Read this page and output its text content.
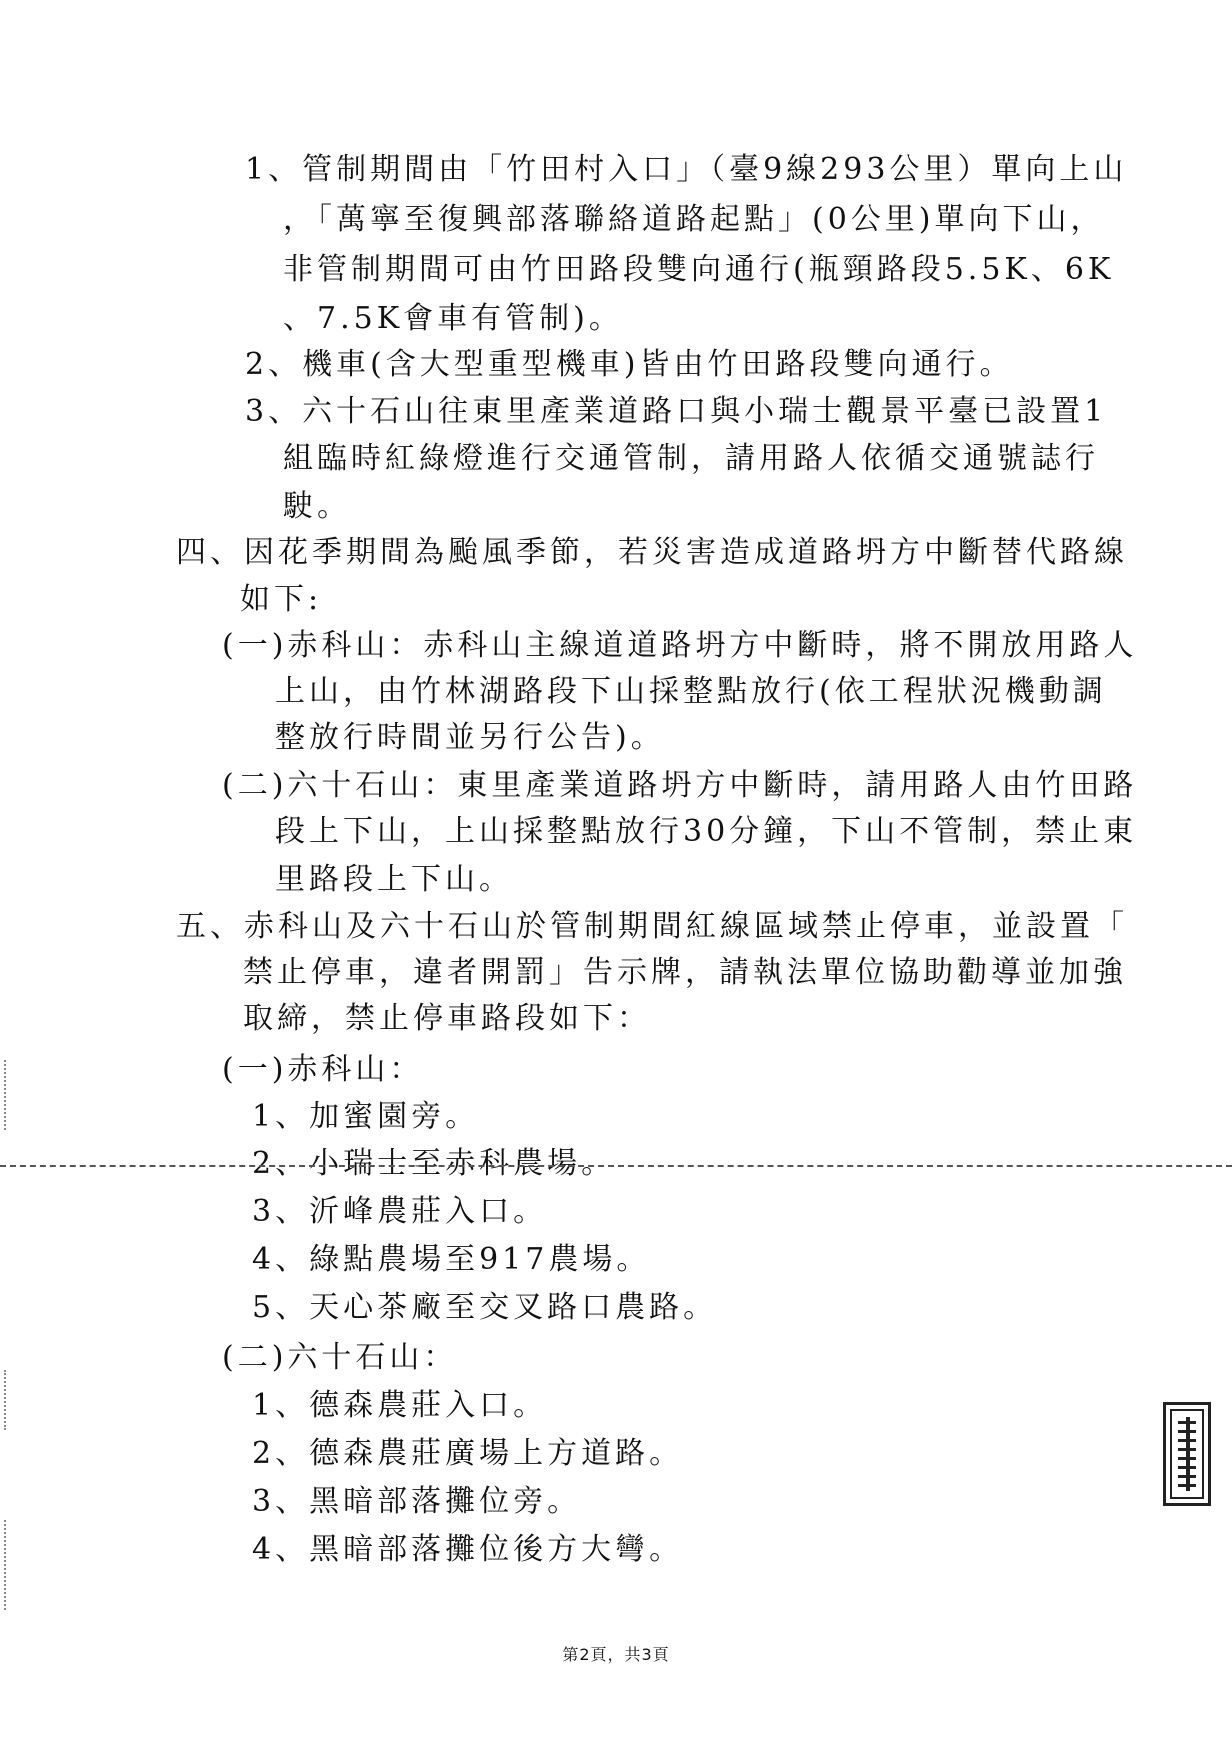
1、管制期間由「竹田村入口」（臺9線293公里）單向上山
，「萬寧至復興部落聯絡道路起點」(0公里)單向下山，
非管制期間可由竹田路段雙向通行(瓶頸路段5.5K、6K
、7.5K會車有管制)。
2、機車(含大型重型機車)皆由竹田路段雙向通行。
3、六十石山往東里產業道路口與小瑞士觀景平臺已設置1
組臨時紅綠燈進行交通管制，請用路人依循交通號誌行
駛。
四、因花季期間為颱風季節，若災害造成道路坍方中斷替代路線
如下:
(一)赤科山：赤科山主線道道路坍方中斷時，將不開放用路人
上山，由竹林湖路段下山採整點放行(依工程狀況機動調
整放行時間並另行公告)。
(二)六十石山：東里產業道路坍方中斷時，請用路人由竹田路
段上下山，上山採整點放行30分鐘，下山不管制，禁止東
里路段上下山。
五、赤科山及六十石山於管制期間紅線區域禁止停車，並設置「
禁止停車，違者開罰」告示牌，請執法單位協助勸導並加強
取締，禁止停車路段如下：
(一)赤科山：
1、加蜜園旁。
2、小瑞士至赤科農場。
3、沂峰農莊入口。
4、綠點農場至917農場。
5、天心茶廠至交叉路口農路。
(二)六十石山：
1、德森農莊入口。
2、德森農莊廣場上方道路。
3、黑暗部落攤位旁。
4、黑暗部落攤位後方大彎。
第2頁，共3頁
